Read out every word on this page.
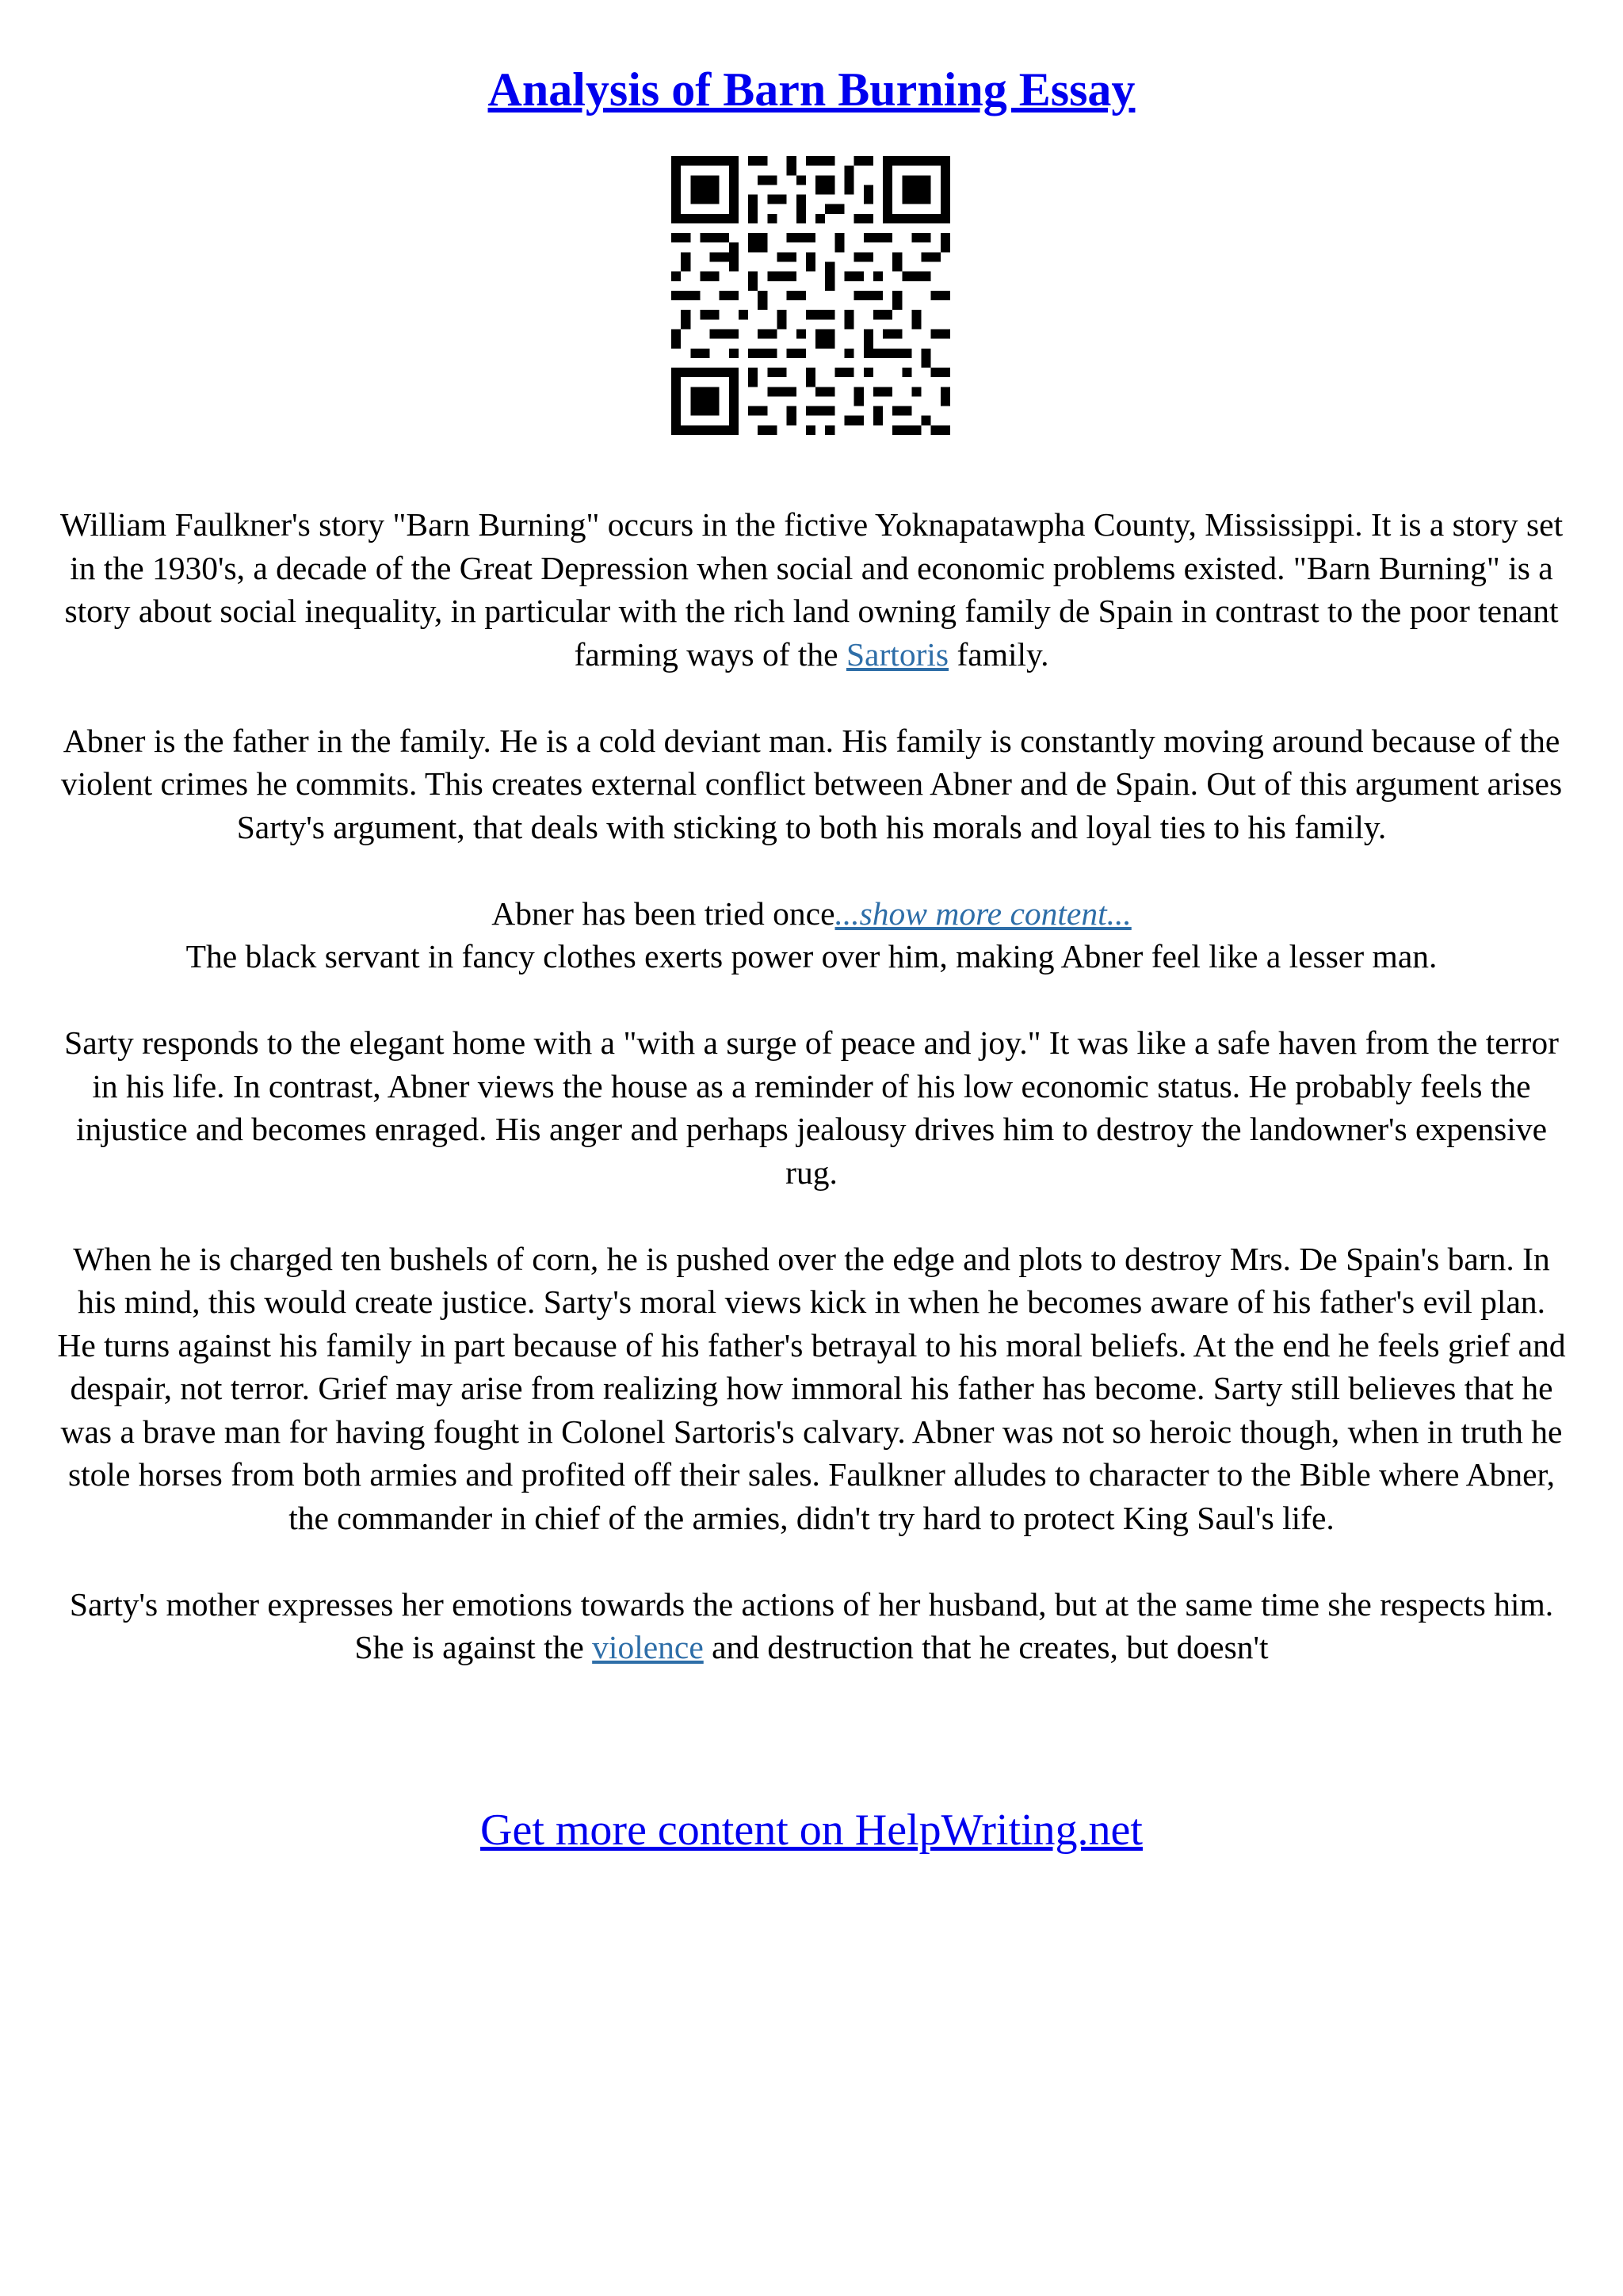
Analysis of Barn Burning Essay

William Faulkner's story "Barn Burning" occurs in the fictive Yoknapatawpha County, Mississippi. It is a story set in the 1930's, a decade of the Great Depression when social and economic problems existed. "Barn Burning" is a story about social inequality, in particular with the rich land owning family de Spain in contrast to the poor tenant farming ways of the Sartoris family.

Abner is the father in the family. He is a cold deviant man. His family is constantly moving around because of the violent crimes he commits. This creates external conflict between Abner and de Spain. Out of this argument arises Sarty's argument, that deals with sticking to both his morals and loyal ties to his family.

Abner has been tried once...show more content...
The black servant in fancy clothes exerts power over him, making Abner feel like a lesser man.

Sarty responds to the elegant home with a "with a surge of peace and joy." It was like a safe haven from the terror in his life. In contrast, Abner views the house as a reminder of his low economic status. He probably feels the injustice and becomes enraged. His anger and perhaps jealousy drives him to destroy the landowner's expensive rug.

When he is charged ten bushels of corn, he is pushed over the edge and plots to destroy Mrs. De Spain's barn. In his mind, this would create justice. Sarty's moral views kick in when he becomes aware of his father's evil plan. He turns against his family in part because of his father's betrayal to his moral beliefs. At the end he feels grief and despair, not terror. Grief may arise from realizing how immoral his father has become. Sarty still believes that he was a brave man for having fought in Colonel Sartoris's calvary. Abner was not so heroic though, when in truth he stole horses from both armies and profited off their sales. Faulkner alludes to character to the Bible where Abner, the commander in chief of the armies, didn't try hard to protect King Saul's life.

Sarty's mother expresses her emotions towards the actions of her husband, but at the same time she respects him. She is against the violence and destruction that he creates, but doesn't

Get more content on HelpWriting.net
